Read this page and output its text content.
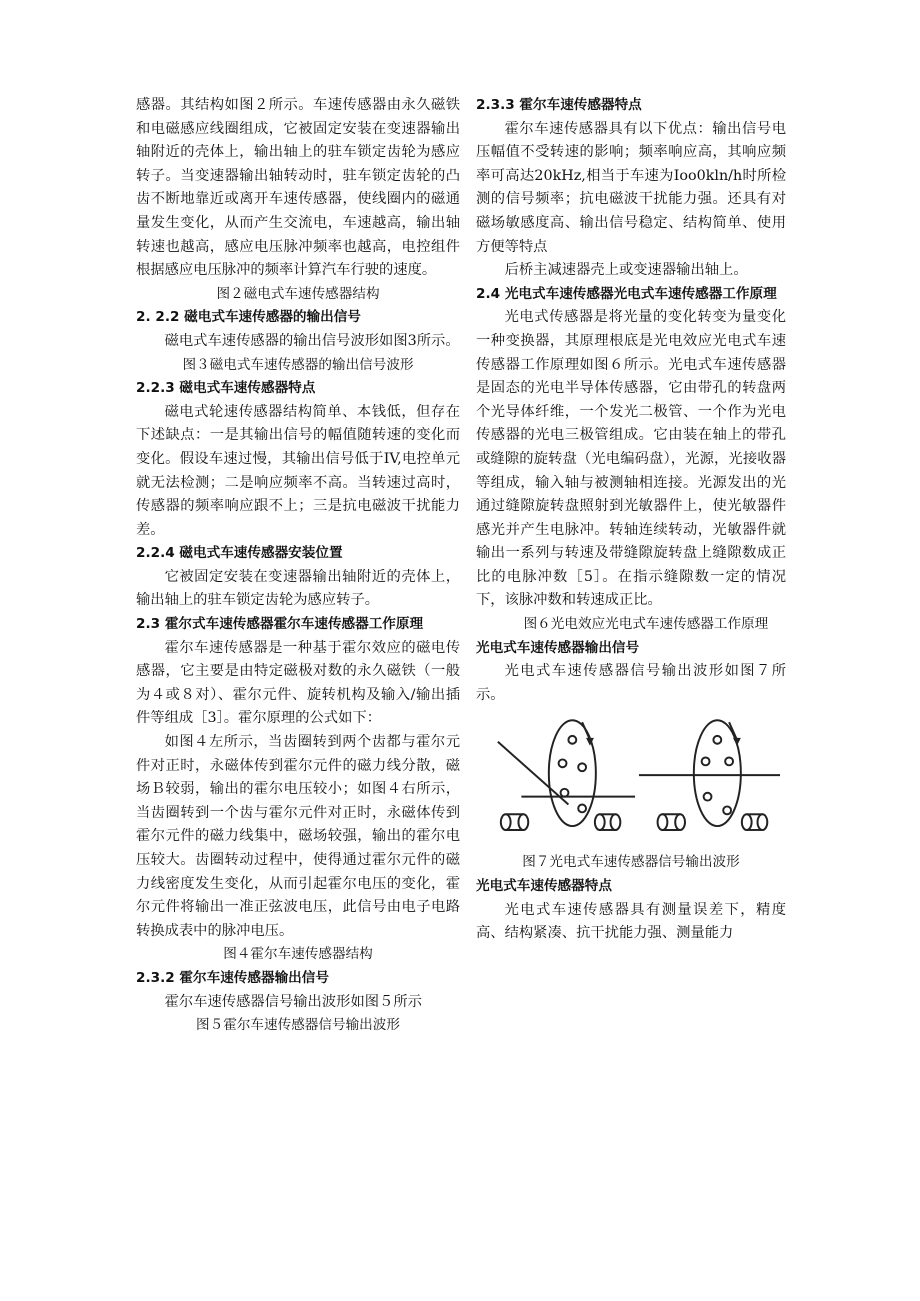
感器。其结构如图２所示。车速传感器由永久磁铁和电磁感应线圈组成，它被固定安装在变速器输出轴附近的壳体上，输出轴上的驻车锁定齿轮为感应转子。当变速器输出轴转动时，驻车锁定齿轮的凸齿不断地靠近或离开车速传感器，使线圈内的磁通量发生变化，从而产生交流电，车速越高，输出轴转速也越高，感应电压脉冲频率也越高，电控组件根据感应电压脉冲的频率计算汽车行驶的速度。

图２磁电式车速传感器结构
2. 2.2 磁电式车速传感器的输出信号

磁电式车速传感器的输出信号波形如图3所示。

图３磁电式车速传感器的输出信号波形
2.2.3 磁电式车速传感器特点

磁电式轮速传感器结构简单、本钱低，但存在下述缺点：一是其输出信号的幅值随转速的变化而变化。假设车速过慢，其输出信号低于IV,电控单元就无法检测；二是响应频率不高。当转速过高时，传感器的频率响应跟不上；三是抗电磁波干扰能力差。

2.2.4 磁电式车速传感器安装位置

它被固定安装在变速器输出轴附近的壳体上，输出轴上的驻车锁定齿轮为感应转子。

2.3 霍尔式车速传感器霍尔车速传感器工作原理

霍尔车速传感器是一种基于霍尔效应的磁电传感器，它主要是由特定磁极对数的永久磁铁（一般为４或８对）、霍尔元件、旋转机构及输入/输出插件等组成［3］。霍尔原理的公式如下：

如图４左所示，当齿圈转到两个齿都与霍尔元件对正时，永磁体传到霍尔元件的磁力线分散，磁场Ｂ较弱，输出的霍尔电压较小；如图４右所示，当齿圈转到一个齿与霍尔元件对正时，永磁体传到霍尔元件的磁力线集中，磁场较强，输出的霍尔电压较大。齿圈转动过程中，使得通过霍尔元件的磁力线密度发生变化，从而引起霍尔电压的变化，霍尔元件将输出一准正弦波电压，此信号由电子电路转换成表中的脉冲电压。

图４霍尔车速传感器结构
2.3.2 霍尔车速传感器输出信号

霍尔车速传感器信号输出波形如图５所示

图５霍尔车速传感器信号输出波形
2.3.3 霍尔车速传感器特点

霍尔车速传感器具有以下优点：输出信号电压幅值不受转速的影响；频率响应高，其响应频率可高达20kHz,相当于车速为Ioo0kln/h时所检测的信号频率；抗电磁波干扰能力强。还具有对磁场敏感度高、输出信号稳定、结构简单、使用方便等特点

后桥主减速器壳上或变速器输出轴上。

2.4 光电式车速传感器光电式车速传感器工作原理

光电式传感器是将光量的变化转变为量变化一种变换器，其原理根底是光电效应光电式车速传感器工作原理如图６所示。光电式车速传感器是固态的光电半导体传感器，它由带孔的转盘两个光导体纤维，一个发光二极管、一个作为光电传感器的光电三极管组成。它由装在轴上的带孔或缝隙的旋转盘（光电编码盘），光源，光接收器等组成，输入轴与被测轴相连接。光源发出的光通过缝隙旋转盘照射到光敏器件上，使光敏器件感光并产生电脉冲。转轴连续转动，光敏器件就输出一系列与转速及带缝隙旋转盘上缝隙数成正比的电脉冲数［5］。在指示缝隙数一定的情况下，该脉冲数和转速成正比。

图６光电效应光电式车速传感器工作原理
光电式车速传感器输出信号

光电式车速传感器信号输出波形如图７所示。

图７光电式车速传感器信号输出波形
光电式车速传感器特点

光电式车速传感器具有测量误差下，精度高、结构紧凑、抗干扰能力强、测量能力
